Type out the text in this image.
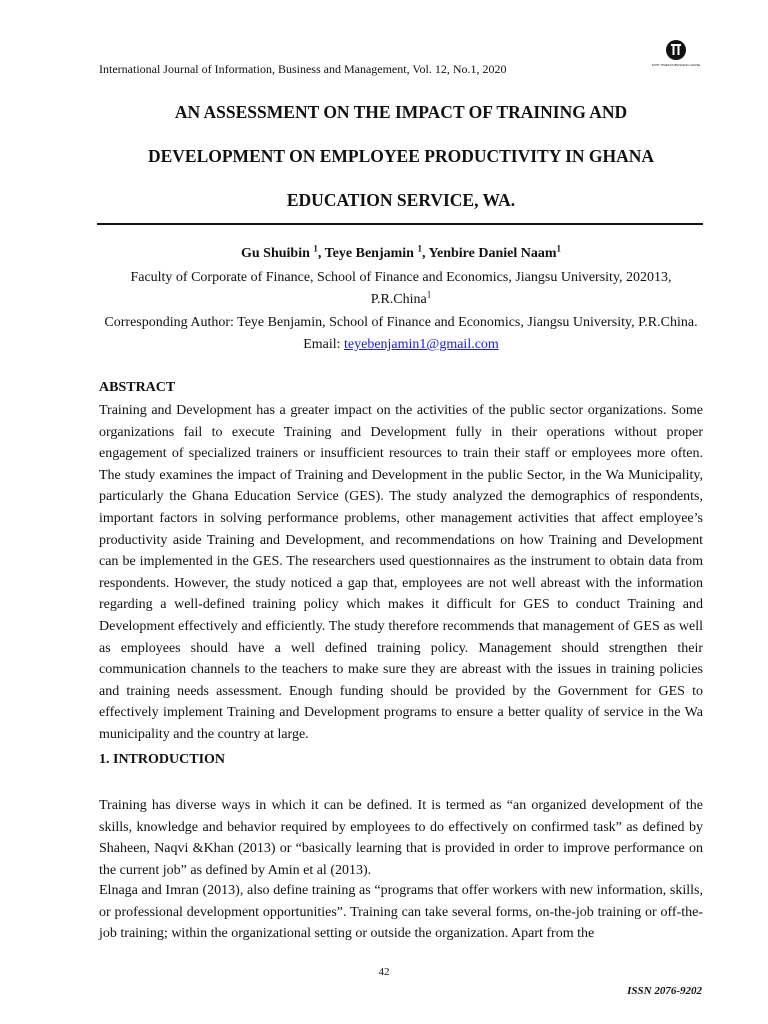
International Journal of Information, Business and Management, Vol. 12, No.1, 2020	SUST TIMES PUBLISHING HOUSE
AN ASSESSMENT ON THE IMPACT OF TRAINING AND
DEVELOPMENT ON EMPLOYEE PRODUCTIVITY IN GHANA
EDUCATION SERVICE, WA.
Gu Shuibin $^1$, Teye Benjamin $^1$, Yenbire Daniel Naam$^1$
Faculty of Corporate of Finance, School of Finance and Economics, Jiangsu University, 202013,
P.R.China$^1$
Corresponding Author: Teye Benjamin, School of Finance and Economics, Jiangsu University, P.R.China.
Email: teyebenjamin1@gmail.com
ABSTRACT
Training and Development has a greater impact on the activities of the public sector organizations. Some organizations fail to execute Training and Development fully in their operations without proper engagement of specialized trainers or insufficient resources to train their staff or employees more often. The study examines the impact of Training and Development in the public Sector, in the Wa Municipality, particularly the Ghana Education Service (GES). The study analyzed the demographics of respondents, important factors in solving performance problems, other management activities that affect employee’s productivity aside Training and Development, and recommendations on how Training and Development can be implemented in the GES. The researchers used questionnaires as the instrument to obtain data from respondents. However, the study noticed a gap that, employees are not well abreast with the information regarding a well-defined training policy which makes it difficult for GES to conduct Training and Development effectively and efficiently. The study therefore recommends that management of GES as well as employees should have a well defined training policy. Management should strengthen their communication channels to the teachers to make sure they are abreast with the issues in training policies and training needs assessment. Enough funding should be provided by the Government for GES to effectively implement Training and Development programs to ensure a better quality of service in the Wa municipality and the country at large.
1. INTRODUCTION
Training has diverse ways in which it can be defined. It is termed as “an organized development of the skills, knowledge and behavior required by employees to do effectively on confirmed task” as defined by Shaheen, Naqvi &Khan (2013) or “basically learning that is provided in order to improve performance on the current job” as defined by Amin et al (2013).
Elnaga and Imran (2013), also define training as “programs that offer workers with new information, skills, or professional development opportunities”. Training can take several forms, on-the-job training or off-the-job training; within the organizational setting or outside the organization. Apart from the
42
ISSN 2076-9202
